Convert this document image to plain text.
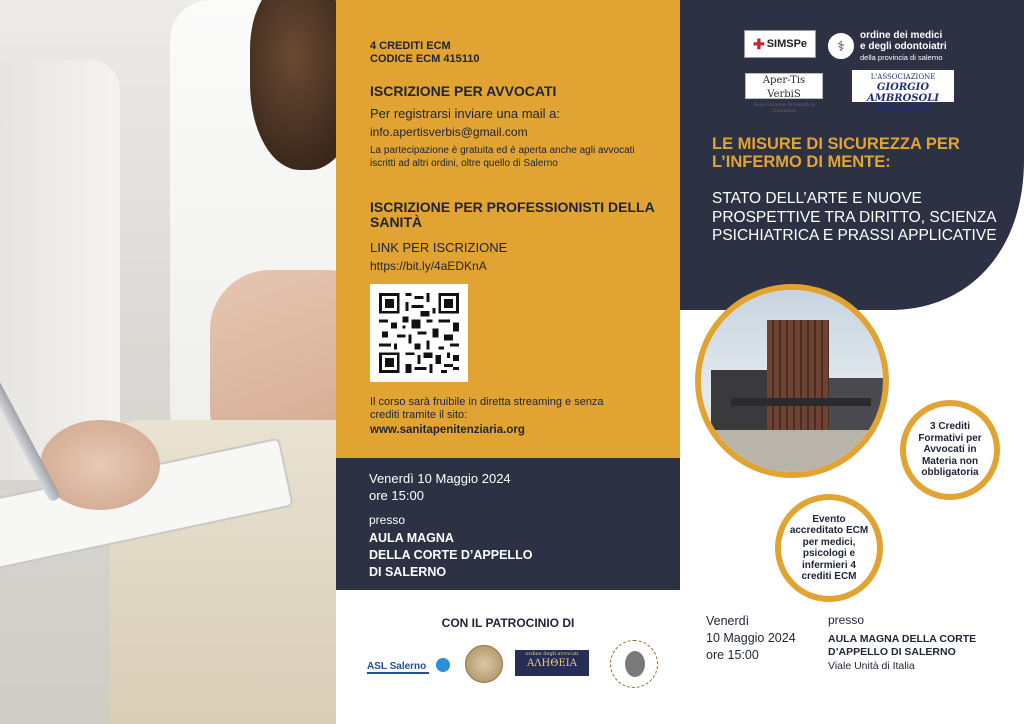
4 CREDITI ECM
CODICE ECM 415110
ISCRIZIONE PER AVVOCATI
Per registrarsi inviare una mail a:
info.apertisverbis@gmail.com
La partecipazione è gratuita ed è aperta anche agli avvocati iscritti ad altri ordini, oltre quello di Salerno
ISCRIZIONE PER PROFESSIONISTI DELLA SANITÀ
LINK PER ISCRIZIONE
https://bit.ly/4aEDKnA
Il corso sarà fruibile in diretta streaming e senza crediti tramite il sito:
www.sanitapenitenziaria.org
Venerdì 10 Maggio 2024
ore 15:00
presso
AULA MAGNA
DELLA CORTE D’APPELLO
DI SALERNO
CON IL PATROCINIO DI
ASL Salerno
ordine degli avvocati
ΑΛΗΘΕΙΑ
✚ SIMSPe	⚕
ordine dei medici
e degli odontoiatri
della provincia di salerno
Aper-Tis VerbiS
Associazione Scientifica Giuridica
L'ASSOCIAZIONE
GIORGIO AMBROSOLI
SALERNO
LE MISURE DI SICUREZZA PER L’INFERMO DI MENTE:
STATO DELL’ARTE E NUOVE PROSPETTIVE TRA DIRITTO, SCIENZA PSICHIATRICA E PRASSI APPLICATIVE
3 Crediti Formativi per Avvocati in Materia non obbligatoria
Evento accreditato ECM per medici, psicologi e infermieri 4 crediti ECM
Venerdì
10 Maggio 2024
ore 15:00
presso
AULA MAGNA DELLA CORTE D’APPELLO DI SALERNO
Viale Unità di Italia
